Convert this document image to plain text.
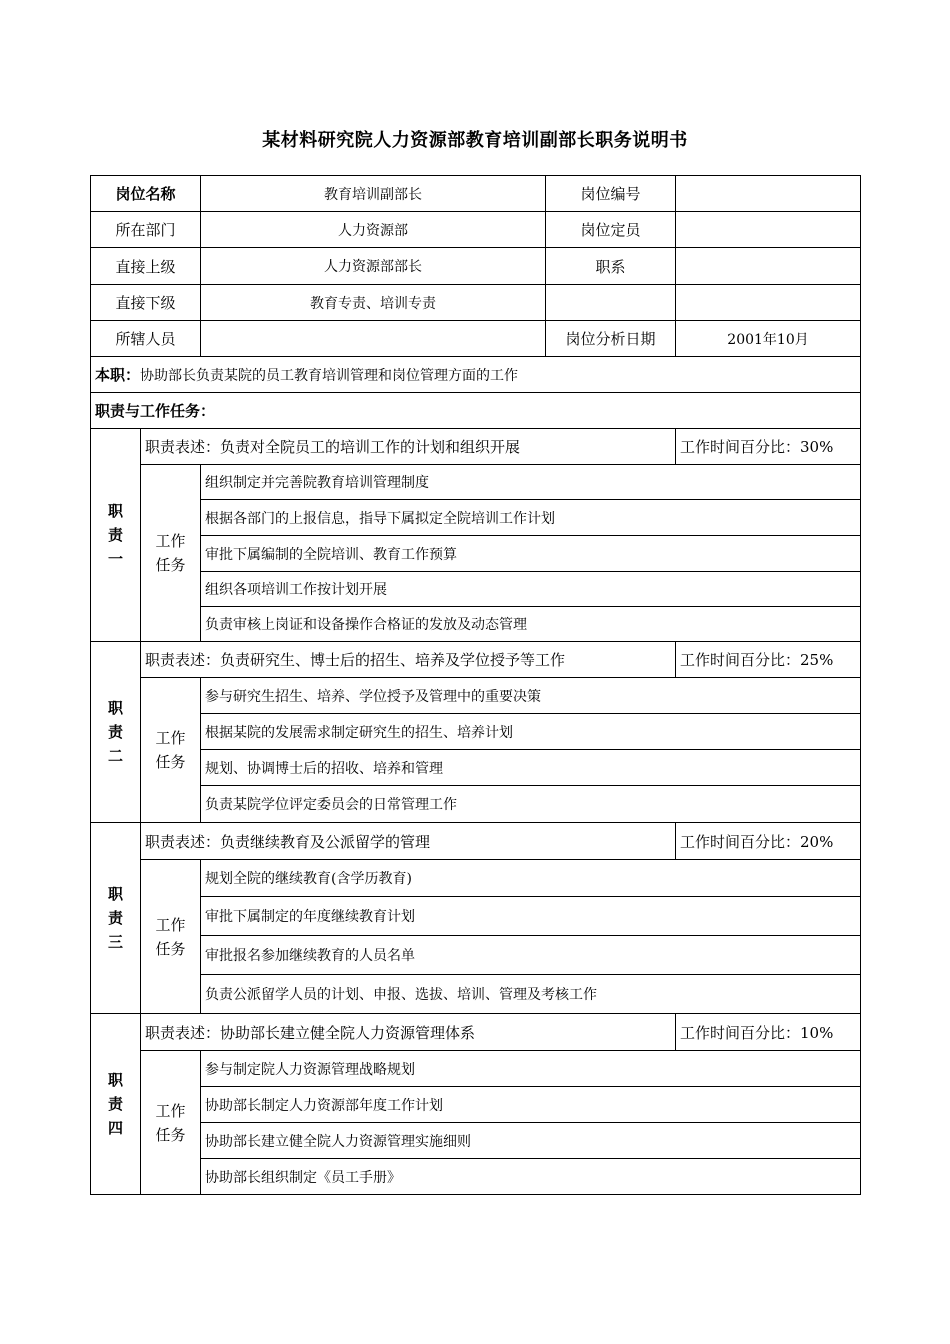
某材料研究院人力资源部教育培训副部长职务说明书
岗位名称		教育培训副部长	岗位编号	
所在部门		人力资源部	岗位定员	
直接上级		人力资源部部长	职系	
直接下级		教育专责、培训专责		
所辖人员			岗位分析日期	2001年10月
本职：协助部长负责某院的员工教育培训管理和岗位管理方面的工作				
职责与工作任务：				
职责一	职责表述：负责对全院员工的培训工作的计划和组织开展			工作时间百分比：30%
	工作任务	组织制定并完善院教育培训管理制度		
		根据各部门的上报信息，指导下属拟定全院培训工作计划		
		审批下属编制的全院培训、教育工作预算		
		组织各项培训工作按计划开展		
		负责审核上岗证和设备操作合格证的发放及动态管理		
职责二	职责表述：负责研究生、博士后的招生、培养及学位授予等工作			工作时间百分比：25%
	工作任务	参与研究生招生、培养、学位授予及管理中的重要决策		
		根据某院的发展需求制定研究生的招生、培养计划		
		规划、协调博士后的招收、培养和管理		
		负责某院学位评定委员会的日常管理工作		
职责三	职责表述：负责继续教育及公派留学的管理			工作时间百分比：20%
	工作任务	规划全院的继续教育(含学历教育)		
		审批下属制定的年度继续教育计划		
		审批报名参加继续教育的人员名单		
		负责公派留学人员的计划、申报、选拔、培训、管理及考核工作		
职责四	职责表述：协助部长建立健全院人力资源管理体系			工作时间百分比：10%
	工作任务	参与制定院人力资源管理战略规划		
		协助部长制定人力资源部年度工作计划		
		协助部长建立健全院人力资源管理实施细则		
		协助部长组织制定《员工手册》		
